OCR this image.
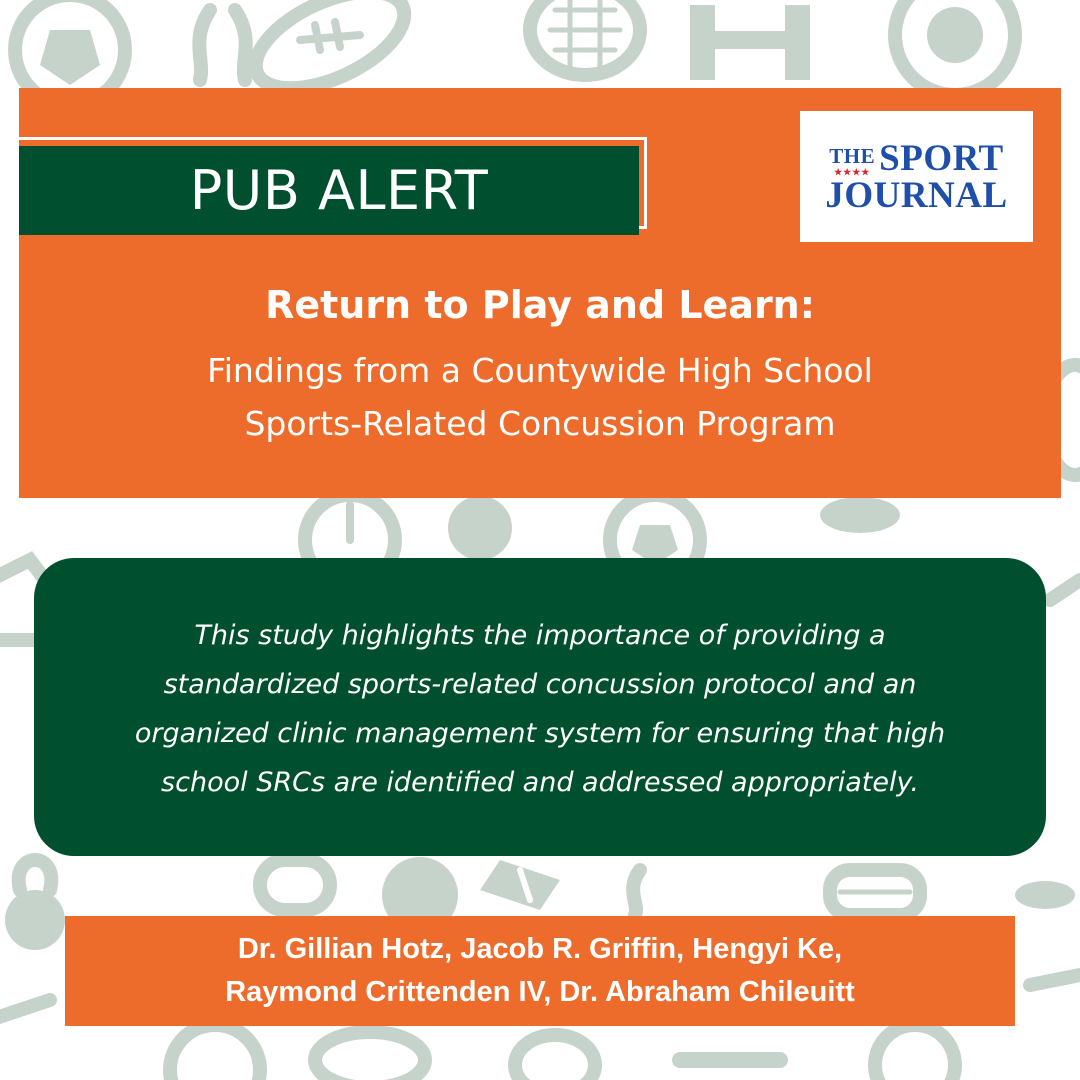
PUB ALERT
THE
★★★★ SPORT
JOURNAL
Return to Play and Learn:
Findings from a Countywide High School
Sports-Related Concussion Program
This study highlights the importance of providing a
standardized sports-related concussion protocol and an
organized clinic management system for ensuring that high
school SRCs are identified and addressed appropriately.
Dr. Gillian Hotz, Jacob R. Griffin, Hengyi Ke,
Raymond Crittenden IV, Dr. Abraham Chileuitt
